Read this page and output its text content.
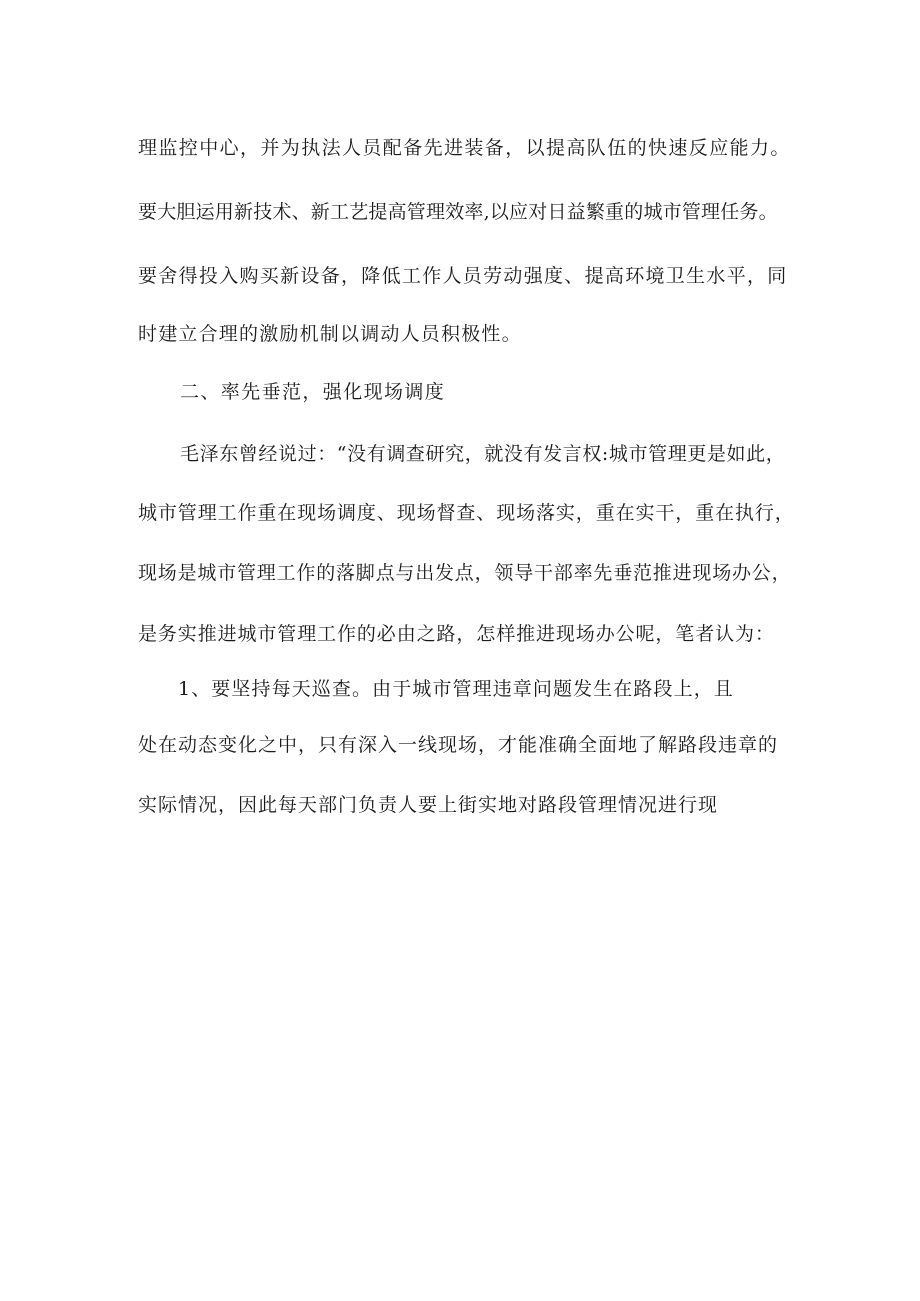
理监控中心，并为执法人员配备先进装备，以提高队伍的快速反应能力。
要大胆运用新技术、新工艺提高管理效率,以应对日益繁重的城市管理任务。
要舍得投入购买新设备，降低工作人员劳动强度、提高环境卫生水平，同
时建立合理的激励机制以调动人员积极性。
二、率先垂范，强化现场调度
毛泽东曾经说过：“没有调查研究，就没有发言权:城市管理更是如此，
城市管理工作重在现场调度、现场督查、现场落实，重在实干，重在执行，
现场是城市管理工作的落脚点与出发点，领导干部率先垂范推进现场办公，
是务实推进城市管理工作的必由之路，怎样推进现场办公呢，笔者认为：
1、要坚持每天巡查。由于城市管理违章问题发生在路段上，且
处在动态变化之中，只有深入一线现场，才能准确全面地了解路段违章的
实际情况，因此每天部门负责人要上街实地对路段管理情况进行现
